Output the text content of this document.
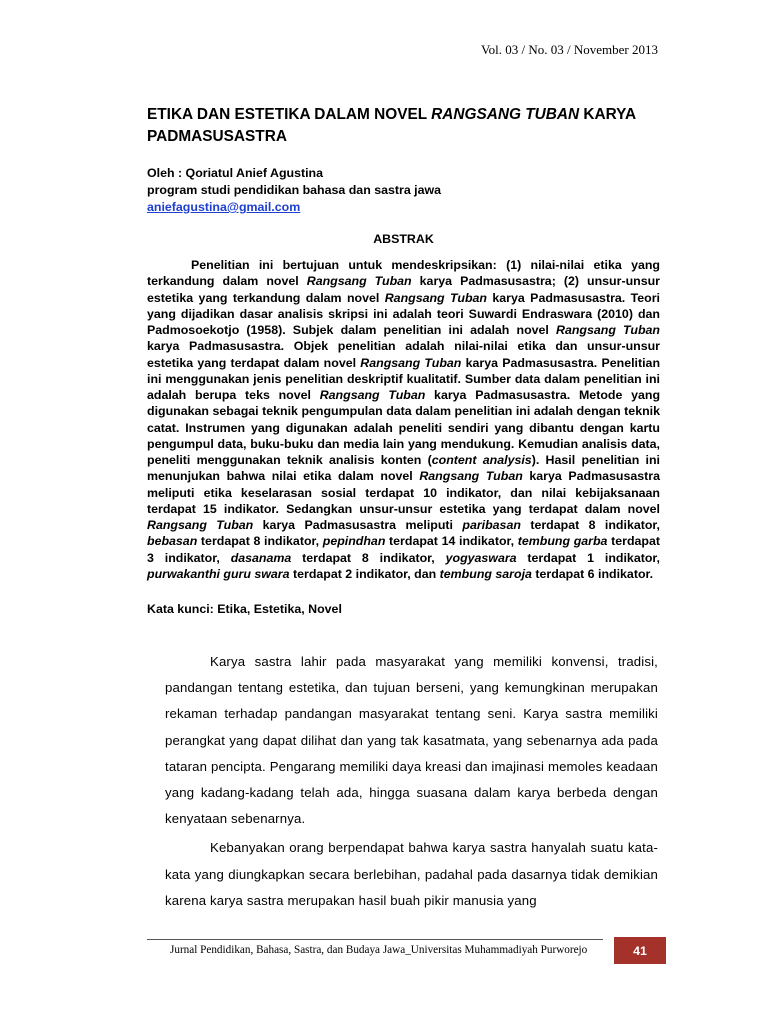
Vol. 03 / No. 03 / November 2013
ETIKA DAN ESTETIKA DALAM NOVEL RANGSANG TUBAN KARYA PADMASUSASTRA
Oleh : Qoriatul Anief Agustina
program studi pendidikan bahasa dan sastra jawa
aniefagustina@gmail.com
ABSTRAK

Penelitian ini bertujuan untuk mendeskripsikan: (1) nilai-nilai etika yang terkandung dalam novel Rangsang Tuban karya Padmasusastra; (2) unsur-unsur estetika yang terkandung dalam novel Rangsang Tuban karya Padmasusastra. Teori yang dijadikan dasar analisis skripsi ini adalah teori Suwardi Endraswara (2010) dan Padmosoekotjo (1958). Subjek dalam penelitian ini adalah novel Rangsang Tuban karya Padmasusastra. Objek penelitian adalah nilai-nilai etika dan unsur-unsur estetika yang terdapat dalam novel Rangsang Tuban karya Padmasusastra. Penelitian ini menggunakan jenis penelitian deskriptif kualitatif. Sumber data dalam penelitian ini adalah berupa teks novel Rangsang Tuban karya Padmasusastra. Metode yang digunakan sebagai teknik pengumpulan data dalam penelitian ini adalah dengan teknik catat. Instrumen yang digunakan adalah peneliti sendiri yang dibantu dengan kartu pengumpul data, buku-buku dan media lain yang mendukung. Kemudian analisis data, peneliti menggunakan teknik analisis konten (content analysis). Hasil penelitian ini menunjukan bahwa nilai etika dalam novel Rangsang Tuban karya Padmasusastra meliputi etika keselarasan sosial terdapat 10 indikator, dan nilai kebijaksanaan terdapat 15 indikator. Sedangkan unsur-unsur estetika yang terdapat dalam novel Rangsang Tuban karya Padmasusastra meliputi paribasan terdapat 8 indikator, bebasan terdapat 8 indikator, pepindhan terdapat 14 indikator, tembung garba terdapat 3 indikator, dasanama terdapat 8 indikator, yogyaswara terdapat 1 indikator, purwakanthi guru swara terdapat 2 indikator, dan tembung saroja terdapat 6 indikator.

Kata kunci: Etika, Estetika, Novel

Karya sastra lahir pada masyarakat yang memiliki konvensi, tradisi, pandangan tentang estetika, dan tujuan berseni, yang kemungkinan merupakan rekaman terhadap pandangan masyarakat tentang seni. Karya sastra memiliki perangkat yang dapat dilihat dan yang tak kasatmata, yang sebenarnya ada pada tataran pencipta. Pengarang memiliki daya kreasi dan imajinasi memoles keadaan yang kadang-kadang telah ada, hingga suasana dalam karya berbeda dengan kenyataan sebenarnya.

Kebanyakan orang berpendapat bahwa karya sastra hanyalah suatu kata-kata yang diungkapkan secara berlebihan, padahal pada dasarnya tidak demikian karena karya sastra merupakan hasil buah pikir manusia yang

Jurnal Pendidikan, Bahasa, Sastra, dan Budaya Jawa_Universitas Muhammadiyah Purworejo	41
